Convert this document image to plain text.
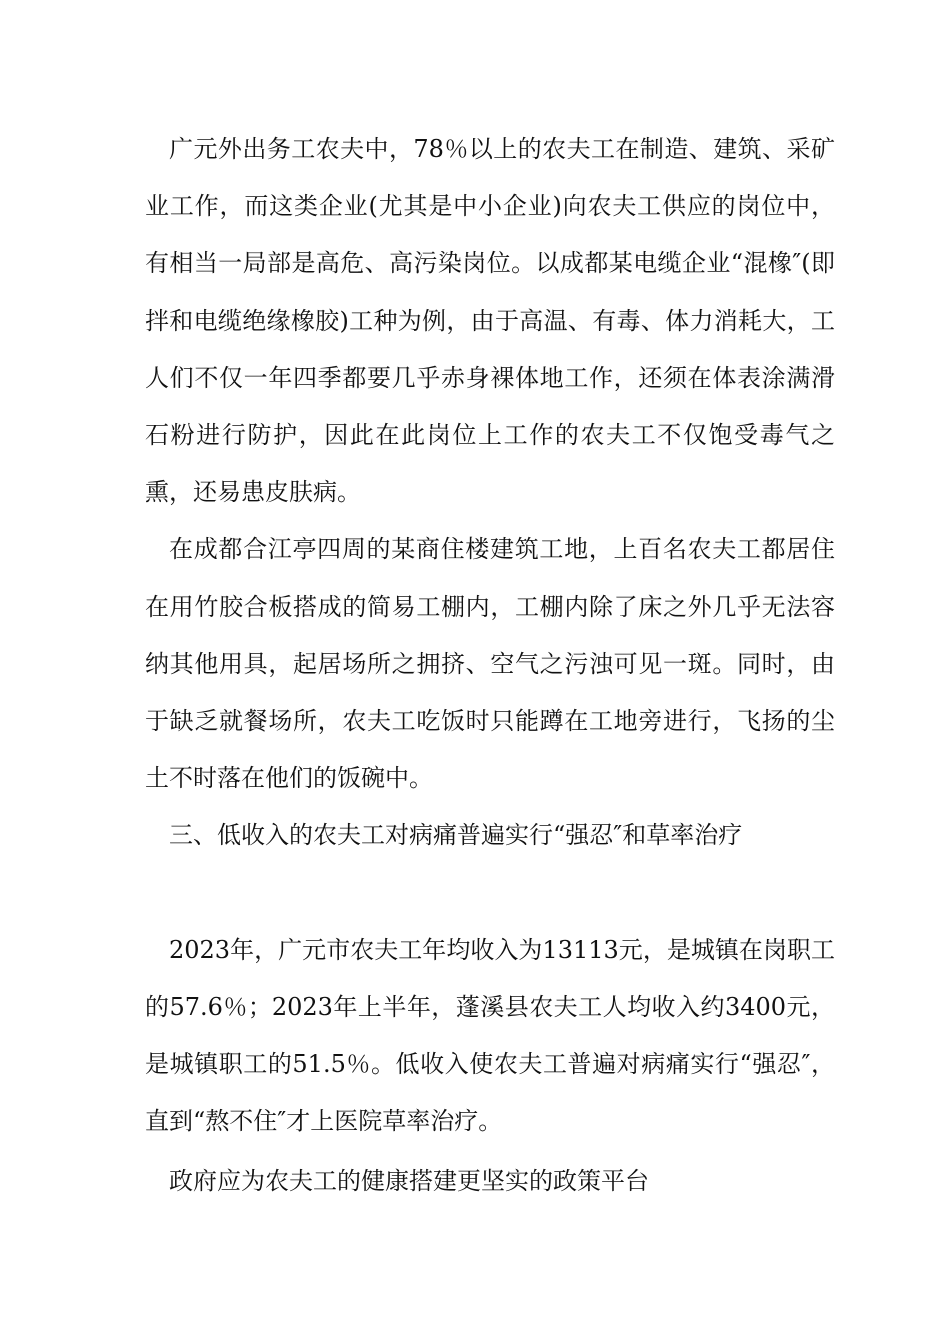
广元外出务工农夫中，78％以上的农夫工在制造、建筑、采矿业工作，而这类企业(尤其是中小企业)向农夫工供应的岗位中，有相当一局部是高危、高污染岗位。以成都某电缆企业“混橡″(即拌和电缆绝缘橡胶)工种为例，由于高温、有毒、体力消耗大，工人们不仅一年四季都要几乎赤身裸体地工作，还须在体表涂满滑石粉进行防护，因此在此岗位上工作的农夫工不仅饱受毒气之熏，还易患皮肤病。

在成都合江亭四周的某商住楼建筑工地，上百名农夫工都居住在用竹胶合板搭成的简易工棚内，工棚内除了床之外几乎无法容纳其他用具，起居场所之拥挤、空气之污浊可见一斑。同时，由于缺乏就餐场所，农夫工吃饭时只能蹲在工地旁进行，飞扬的尘土不时落在他们的饭碗中。

三、低收入的农夫工对病痛普遍实行“强忍″和草率治疗

2023年，广元市农夫工年均收入为13113元，是城镇在岗职工的57.6％；2023年上半年，蓬溪县农夫工人均收入约3400元，是城镇职工的51.5％。低收入使农夫工普遍对病痛实行“强忍″，直到“熬不住″才上医院草率治疗。

政府应为农夫工的健康搭建更坚实的政策平台
